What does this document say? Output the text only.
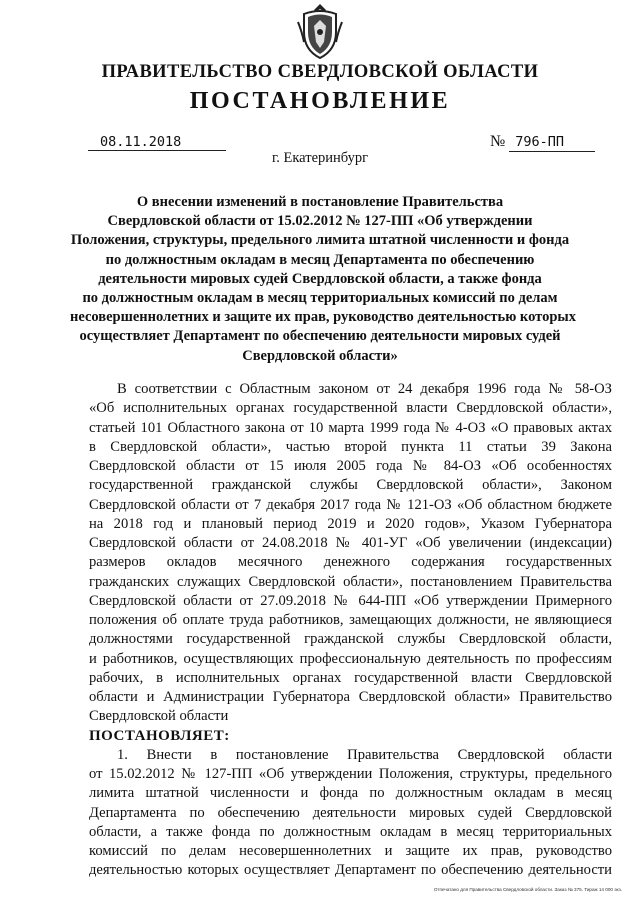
ПРАВИТЕЛЬСТВО СВЕРДЛОВСКОЙ ОБЛАСТИ
ПОСТАНОВЛЕНИЕ
08.11.2018	№ 796-ПП
г. Екатеринбург
О внесении изменений в постановление Правительства
Свердловской области от 15.02.2012 № 127-ПП «Об утверждении
Положения, структуры, предельного лимита штатной численности и фонда
по должностным окладам в месяц Департамента по обеспечению
деятельности мировых судей Свердловской области, а также фонда
по должностным окладам в месяц территориальных комиссий по делам
несовершеннолетних и защите их прав, руководство деятельностью которых
осуществляет Департамент по обеспечению деятельности мировых судей
Свердловской области»
В соответствии с Областным законом от 24 декабря 1996 года № 58-ОЗ
«Об исполнительных органах государственной власти Свердловской области»,
статьей 101 Областного закона от 10 марта 1999 года № 4-ОЗ «О правовых актах
в Свердловской области», частью второй пункта 11 статьи 39 Закона
Свердловской области от 15 июля 2005 года № 84-ОЗ «Об особенностях
государственной гражданской службы Свердловской области», Законом
Свердловской области от 7 декабря 2017 года № 121-ОЗ «Об областном бюджете
на 2018 год и плановый период 2019 и 2020 годов», Указом Губернатора
Свердловской области от 24.08.2018 № 401-УГ «Об увеличении (индексации)
размеров окладов месячного денежного содержания государственных
гражданских служащих Свердловской области», постановлением Правительства
Свердловской области от 27.09.2018 № 644-ПП «Об утверждении Примерного
положения об оплате труда работников, замещающих должности, не являющиеся
должностями государственной гражданской службы Свердловской области,
и работников, осуществляющих профессиональную деятельность по профессиям
рабочих, в исполнительных органах государственной власти Свердловской
области и Администрации Губернатора Свердловской области» Правительство
Свердловской области
ПОСТАНОВЛЯЕТ:
1. Внести в постановление Правительства Свердловской области
от 15.02.2012 № 127-ПП «Об утверждении Положения, структуры, предельного
лимита штатной численности и фонда по должностным окладам в месяц
Департамента по обеспечению деятельности мировых судей Свердловской
области, а также фонда по должностным окладам в месяц территориальных
комиссий по делам несовершеннолетних и защите их прав, руководство
деятельностью которых осуществляет Департамент по обеспечению деятельности
Отпечатано для Правительства Свердловской области. Заказ № 375. Тираж 14 000 экз.
